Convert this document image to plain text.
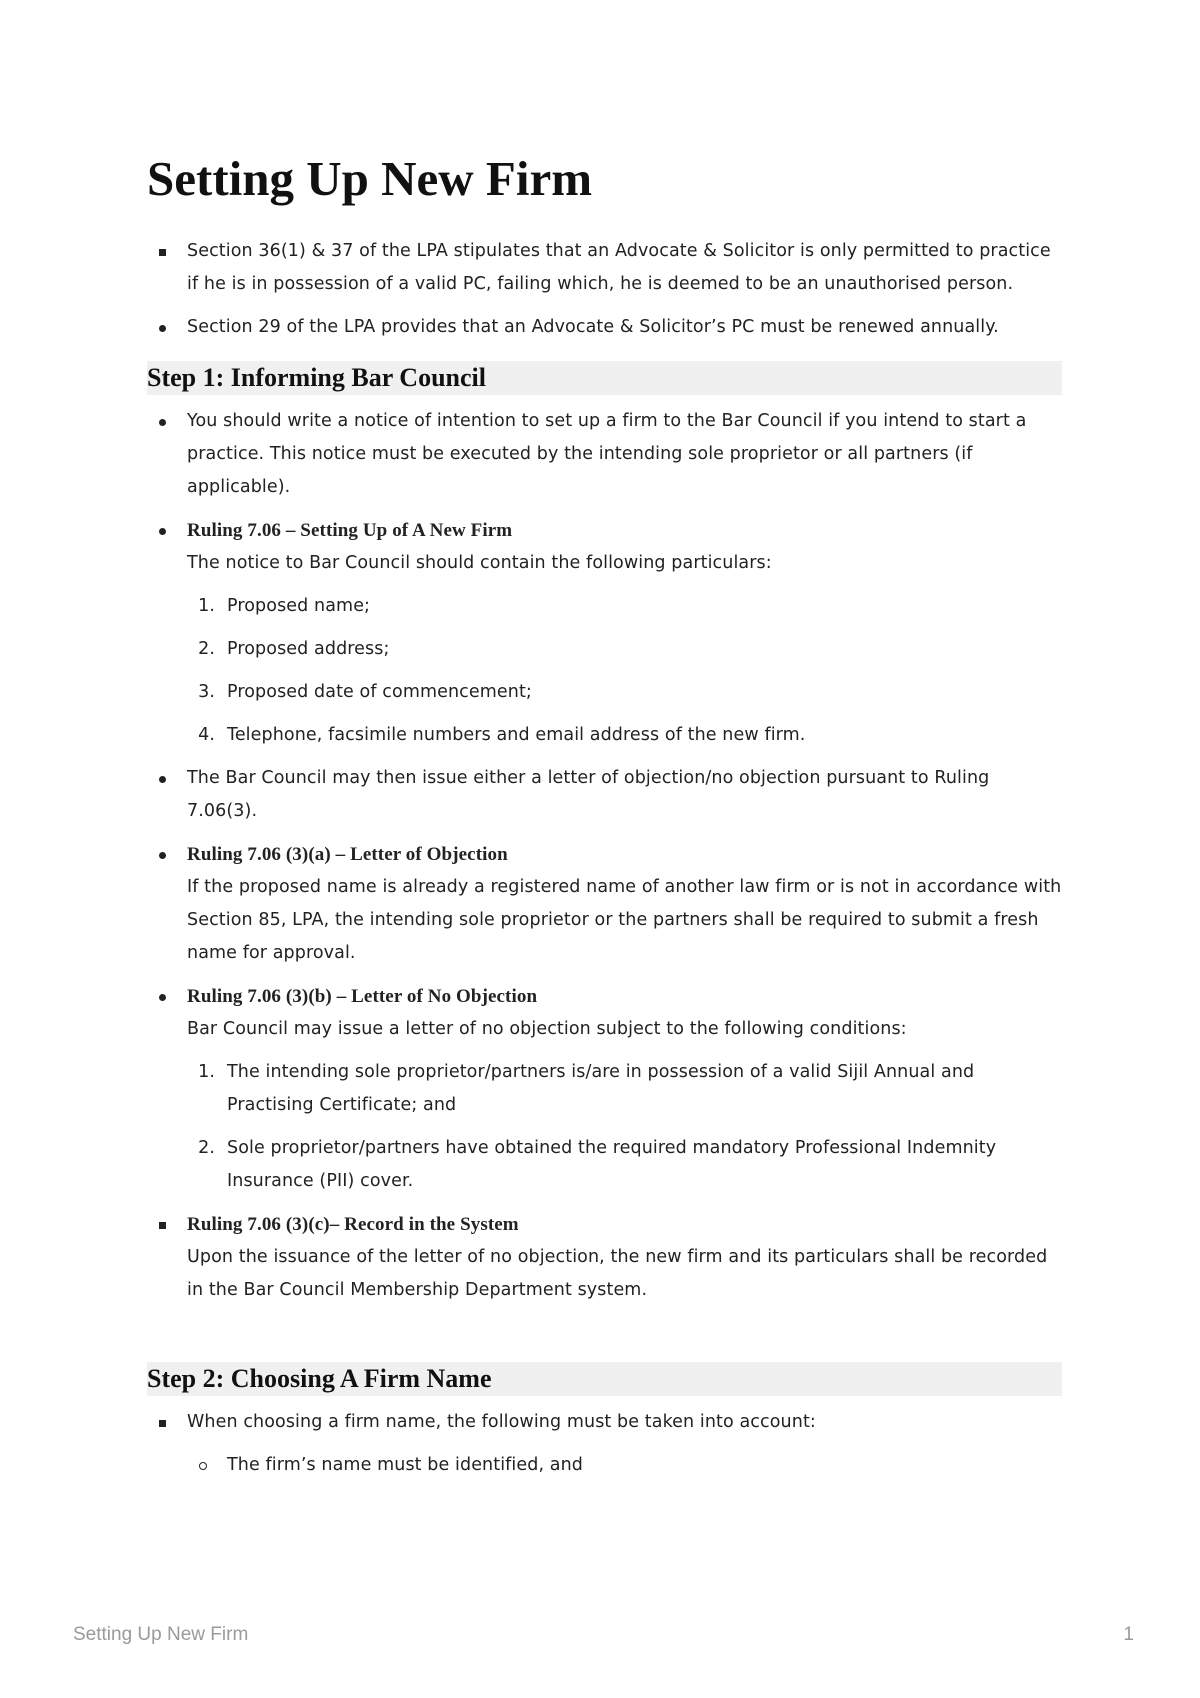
Setting Up New Firm
Section 36(1) & 37 of the LPA stipulates that an Advocate & Solicitor is only permitted to practice if he is in possession of a valid PC, failing which, he is deemed to be an unauthorised person.
Section 29 of the LPA provides that an Advocate & Solicitor’s PC must be renewed annually.
Step 1: Informing Bar Council
You should write a notice of intention to set up a firm to the Bar Council if you intend to start a practice. This notice must be executed by the intending sole proprietor or all partners (if applicable).
Ruling 7.06 – Setting Up of A New Firm
The notice to Bar Council should contain the following particulars:
1. Proposed name;
2. Proposed address;
3. Proposed date of commencement;
4. Telephone, facsimile numbers and email address of the new firm.
The Bar Council may then issue either a letter of objection/no objection pursuant to Ruling 7.06(3).
Ruling 7.06 (3)(a) – Letter of Objection
If the proposed name is already a registered name of another law firm or is not in accordance with Section 85, LPA, the intending sole proprietor or the partners shall be required to submit a fresh name for approval.
Ruling 7.06 (3)(b) – Letter of No Objection
Bar Council may issue a letter of no objection subject to the following conditions:
1. The intending sole proprietor/partners is/are in possession of a valid Sijil Annual and Practising Certificate; and
2. Sole proprietor/partners have obtained the required mandatory Professional Indemnity Insurance (PII) cover.
Ruling 7.06 (3)(c)– Record in the System
Upon the issuance of the letter of no objection, the new firm and its particulars shall be recorded in the Bar Council Membership Department system.
Step 2: Choosing A Firm Name
When choosing a firm name, the following must be taken into account:
The firm’s name must be identified, and
Setting Up New Firm	1
